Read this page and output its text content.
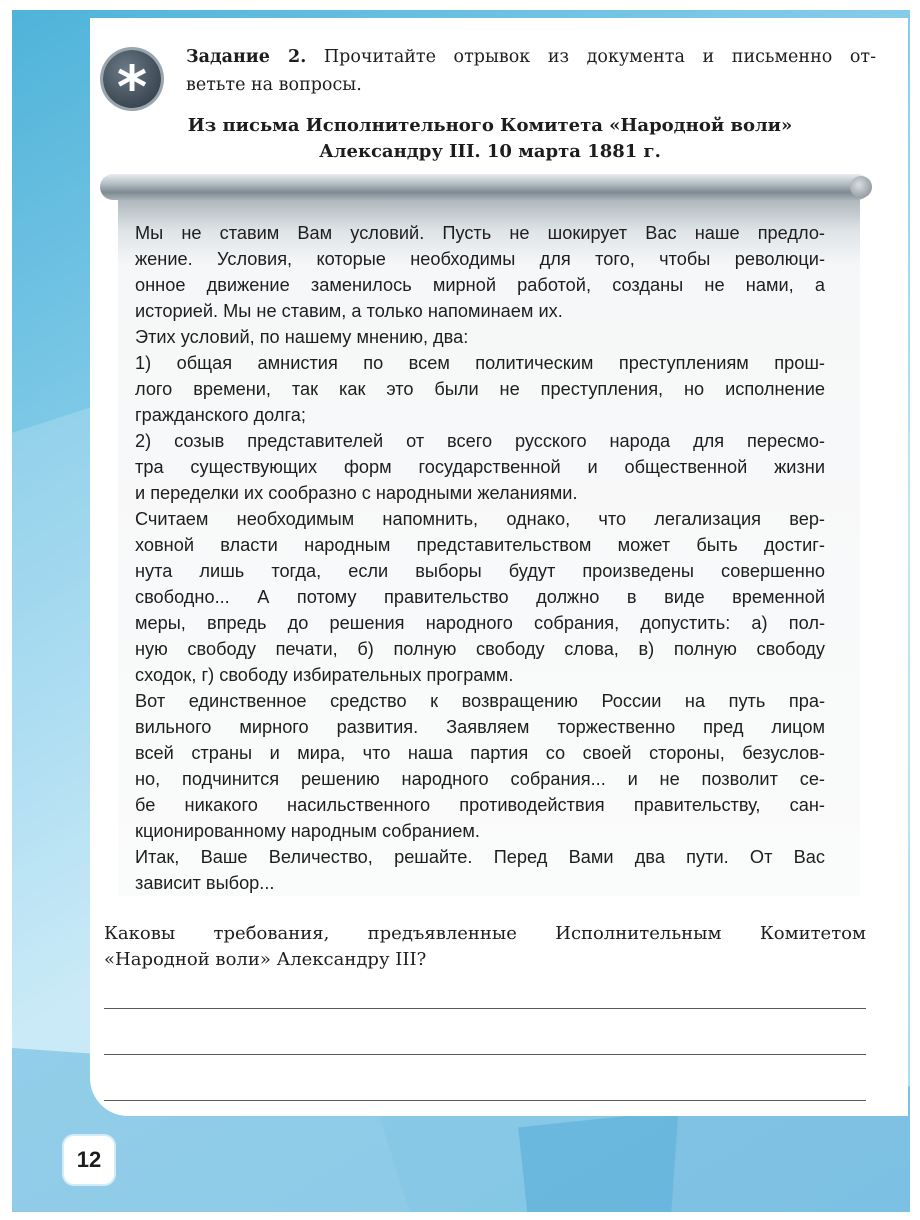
* Задание 2. Прочитайте отрывок из документа и письменно от-
ветьте на вопросы.
Из письма Исполнительного Комитета «Народной воли»
Александру III. 10 марта 1881 г.
Мы не ставим Вам условий. Пусть не шокирует Вас наше предло-
жение. Условия, которые необходимы для того, чтобы революци-
онное движение заменилось мирной работой, созданы не нами, а
историей. Мы не ставим, а только напоминаем их.
Этих условий, по нашему мнению, два:
1) общая амнистия по всем политическим преступлениям прош-
лого времени, так как это были не преступления, но исполнение
гражданского долга;
2) созыв представителей от всего русского народа для пересмо-
тра существующих форм государственной и общественной жизни
и переделки их сообразно с народными желаниями.
Считаем необходимым напомнить, однако, что легализация вер-
ховной власти народным представительством может быть достиг-
нута лишь тогда, если выборы будут произведены совершенно
свободно... А потому правительство должно в виде временной
меры, впредь до решения народного собрания, допустить: а) пол-
ную свободу печати, б) полную свободу слова, в) полную свободу
сходок, г) свободу избирательных программ.
Вот единственное средство к возвращению России на путь пра-
вильного мирного развития. Заявляем торжественно пред лицом
всей страны и мира, что наша партия со своей стороны, безуслов-
но, подчинится решению народного собрания... и не позволит се-
бе никакого насильственного противодействия правительству, сан-
кционированному народным собранием.
Итак, Ваше Величество, решайте. Перед Вами два пути. От Вас
зависит выбор...
Каковы требования, предъявленные Исполнительным Комитетом
«Народной воли» Александру III?
12
